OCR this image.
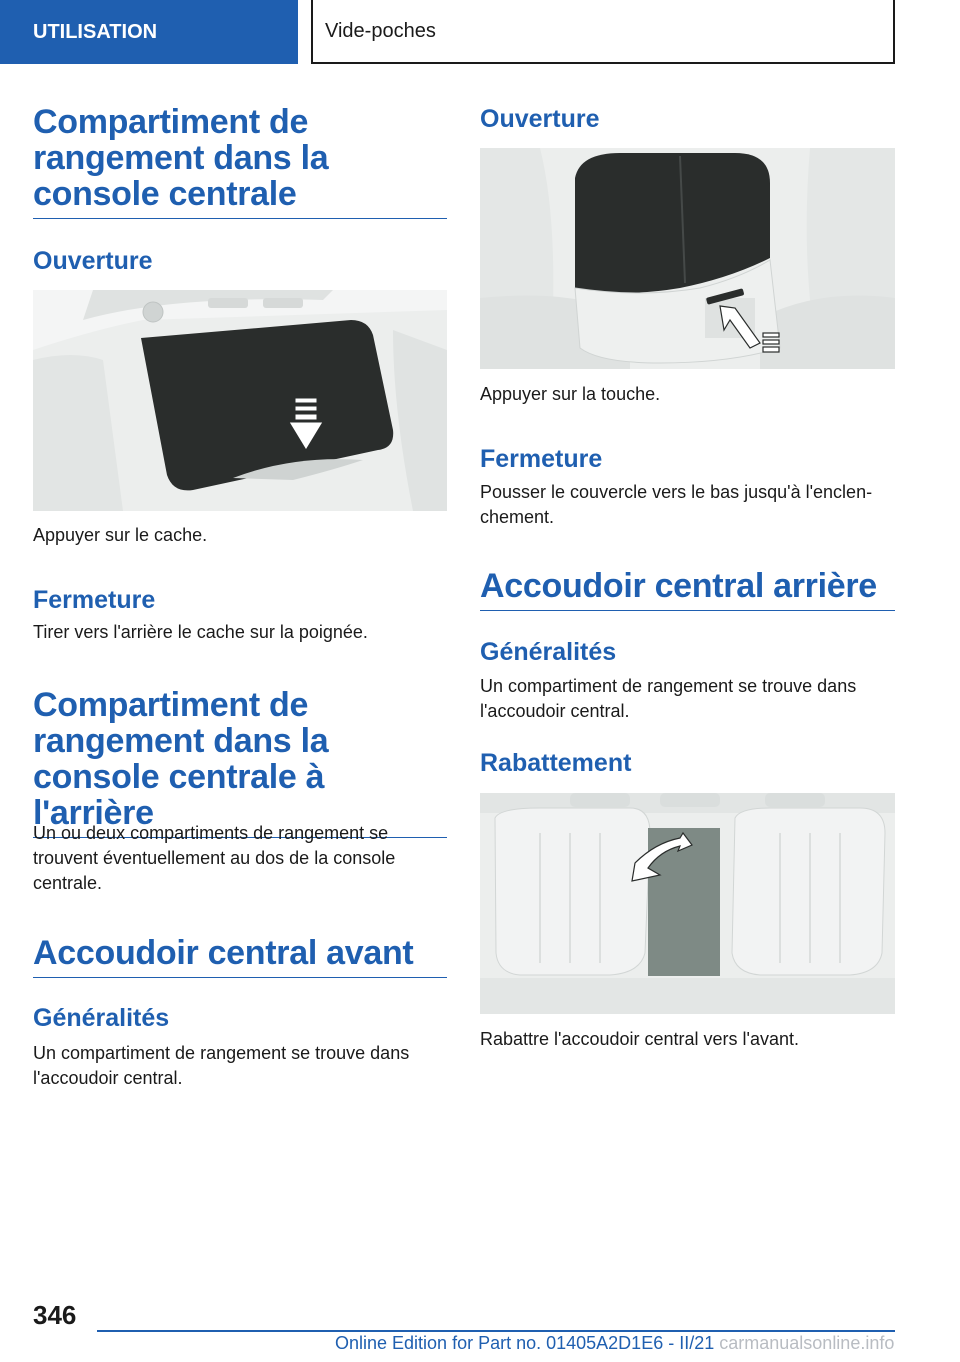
UTILISATION	Vide-poches
Compartiment de rangement dans la console centrale
Ouverture

Appuyer sur le cache.

Fermeture

Tirer vers l'arrière le cache sur la poignée.

Compartiment de rangement dans la console centrale à l'arrière

Un ou deux compartiments de rangement se trouvent éventuellement au dos de la console centrale.

Accoudoir central avant
Généralités

Un compartiment de rangement se trouve dans l'accoudoir central.

Ouverture

Appuyer sur la touche.

Fermeture

Pousser le couvercle vers le bas jusqu'à l'enclenchement.

Accoudoir central arrière
Généralités

Un compartiment de rangement se trouve dans l'accoudoir central.

Rabattement

Rabattre l'accoudoir central vers l'avant.

346
Online Edition for Part no. 01405A2D1E6 - II/21 carmanualsonline.info
